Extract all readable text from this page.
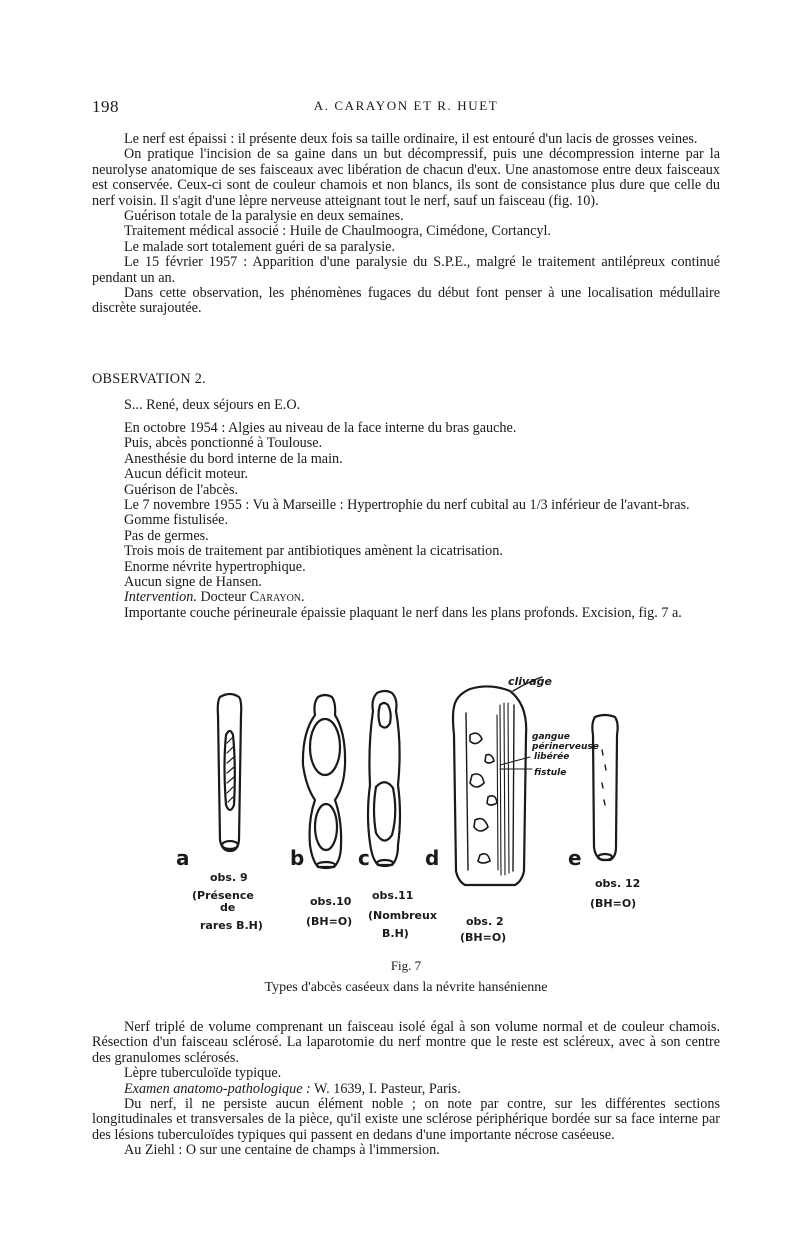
198	A. CARAYON ET R. HUET

Le nerf est épaissi : il présente deux fois sa taille ordinaire, il est entouré d'un lacis de grosses veines.

On pratique l'incision de sa gaine dans un but décompressif, puis une décompression interne par la neurolyse anatomique de ses faisceaux avec libération de chacun d'eux. Une anastomose entre deux faisceaux est conservée. Ceux-ci sont de couleur chamois et non blancs, ils sont de consistance plus dure que celle du nerf voisin. Il s'agit d'une lèpre nerveuse atteignant tout le nerf, sauf un faisceau (fig. 10).

Guérison totale de la paralysie en deux semaines.

Traitement médical associé : Huile de Chaulmoogra, Cimédone, Cortancyl.

Le malade sort totalement guéri de sa paralysie.

Le 15 février 1957 : Apparition d'une paralysie du S.P.E., malgré le traitement antilépreux continué pendant un an.

Dans cette observation, les phénomènes fugaces du début font penser à une localisation médullaire discrète surajoutée.

OBSERVATION 2.

S... René, deux séjours en E.O.

En octobre 1954 : Algies au niveau de la face interne du bras gauche.

Puis, abcès ponctionné à Toulouse.

Anesthésie du bord interne de la main.

Aucun déficit moteur.

Guérison de l'abcès.

Le 7 novembre 1955 : Vu à Marseille : Hypertrophie du nerf cubital au 1/3 inférieur de l'avant-bras.

Gomme fistulisée.

Pas de germes.

Trois mois de traitement par antibiotiques amènent la cicatrisation.

Enorme névrite hypertrophique.

Aucun signe de Hansen.

Intervention. Docteur Carayon.

Importante couche périneurale épaissie plaquant le nerf dans les plans profonds. Excision, fig. 7 a.

a	b	c	d	e
obs. 9
(Présence
de
rares B.H)
obs.10
(BH=O)
obs.11
(Nombreux
B.H)
obs. 2
(BH=O)
obs. 12
(BH=O)
clivage
gangue
périnerveuse
libérée
fistule
Fig. 7
Types d'abcès caséeux dans la névrite hansénienne

Nerf triplé de volume comprenant un faisceau isolé égal à son volume normal et de couleur chamois. Résection d'un faisceau sclérosé. La laparotomie du nerf montre que le reste est scléreux, avec à son centre des granulomes sclérosés.

Lèpre tuberculoïde typique.

Examen anatomo-pathologique : W. 1639, I. Pasteur, Paris.

Du nerf, il ne persiste aucun élément noble ; on note par contre, sur les différentes sections longitudinales et transversales de la pièce, qu'il existe une sclérose périphérique bordée sur sa face interne par des lésions tuberculoïdes typiques qui passent en dedans d'une importante nécrose caséeuse.

Au Ziehl : O sur une centaine de champs à l'immersion.
